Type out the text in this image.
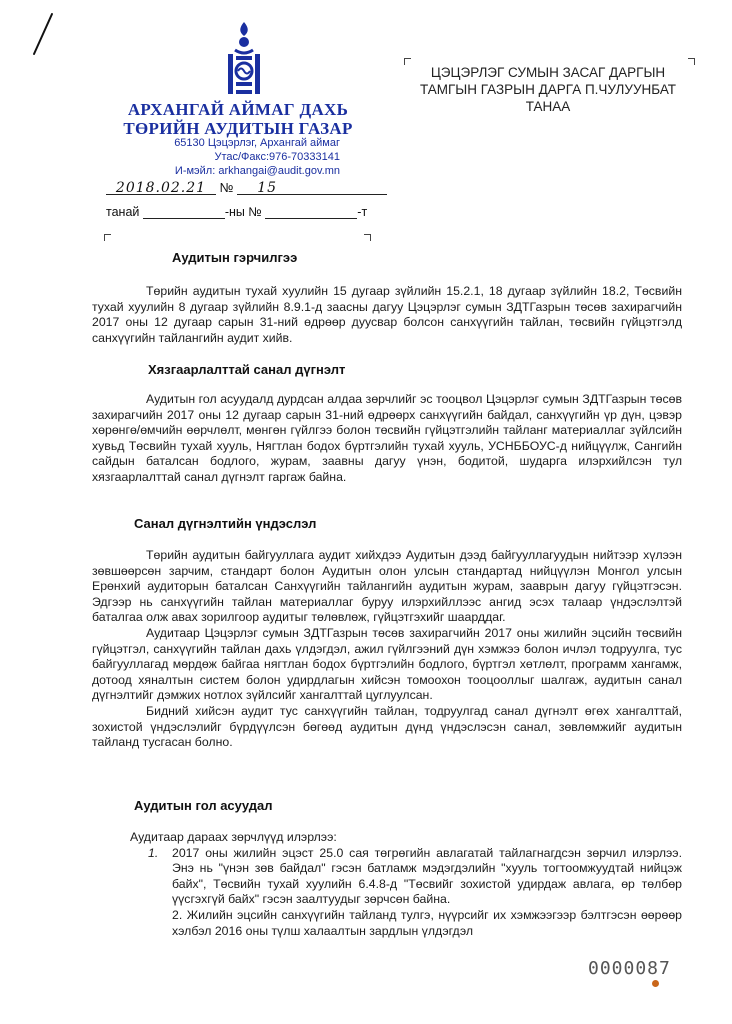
АРХАНГАЙ АЙМАГ ДАХЬ
ТӨРИЙН АУДИТЫН ГАЗАР
65130 Цэцэрлэг, Архангай аймаг
Утас/Факс:976-70333141
И-мэйл: arkhangai@audit.gov.mn
ЦЭЦЭРЛЭГ СУМЫН ЗАСАГ ДАРГЫН
ТАМГЫН ГАЗРЫН ДАРГА П.ЧУЛУУНБАТ
ТАНАА
2018.02.21 № 15
танай	-ны №	-т
Аудитын гэрчилгээ

Төрийн аудитын тухай хуулийн 15 дугаар зүйлийн 15.2.1, 18 дугаар зүйлийн 18.2, Төсвийн тухай хуулийн 8 дугаар зүйлийн 8.9.1-д заасны дагуу Цэцэрлэг сумын ЗДТГазрын төсөв захирагчийн 2017 оны 12 дугаар сарын 31-ний өдрөөр дуусвар болсон санхүүгийн тайлан, төсвийн гүйцэтгэлд санхүүгийн тайлангийн аудит хийв.

Хязгаарлалттай санал дүгнэлт

Аудитын гол асуудалд дурдсан алдаа зөрчлийг эс тооцвол Цэцэрлэг сумын ЗДТГазрын төсөв захирагчийн 2017 оны 12 дугаар сарын 31-ний өдрөөрх санхүүгийн байдал, санхүүгийн үр дүн, цэвэр хөрөнгө/өмчийн өөрчлөлт, мөнгөн гүйлгээ болон төсвийн гүйцэтгэлийн тайланг материаллаг зүйлсийн хувьд Төсвийн тухай хууль, Нягтлан бодох бүртгэлийн тухай хууль, УСНББОУС-д нийцүүлж, Сангийн сайдын баталсан бодлого, журам, заавны дагуу үнэн, бодитой, шударга илэрхийлсэн тул хязгаарлалттай санал дүгнэлт гаргаж байна.

Санал дүгнэлтийн үндэслэл

Төрийн аудитын байгууллага аудит хийхдээ Аудитын дээд байгууллагуудын нийтээр хүлээн зөвшөөрсөн зарчим, стандарт болон Аудитын олон улсын стандартад нийцүүлэн Монгол улсын Ерөнхий аудиторын баталсан Санхүүгийн тайлангийн аудитын журам, зааврын дагуу гүйцэтгэсэн. Эдгээр нь санхүүгийн тайлан материаллаг буруу илэрхийллээс ангид эсэх талаар үндэслэлтэй баталгаа олж авах зорилгоор аудитыг төлөвлөж, гүйцэтгэхийг шаарддаг.

Аудитаар Цэцэрлэг сумын ЗДТГазрын төсөв захирагчийн 2017 оны жилийн эцсийн төсвийн гүйцэтгэл, санхүүгийн тайлан дахь үлдэгдэл, ажил гүйлгээний дүн хэмжээ болон ичлэл тодруулга, тус байгууллагад мөрдөж байгаа нягтлан бодох бүртгэлийн бодлого, бүртгэл хөтлөлт, программ хангамж, дотоод хяналтын систем болон удирдлагын хийсэн томоохон тооцооллыг шалгаж, аудитын санал дүгнэлтийг дэмжих нотлох зүйлсийг хангалттай цуглуулсан.

Бидний хийсэн аудит тус санхүүгийн тайлан, тодруулгад санал дүгнэлт өгөх хангалттай, зохистой үндэслэлийг бүрдүүлсэн бөгөөд аудитын дүнд үндэслэсэн санал, зөвлөмжийг аудитын тайланд тусгасан болно.

Аудитын гол асуудал
Аудитаар дараах зөрчлүүд илэрлээ:
1.	2017 оны жилийн эцэст 25.0 сая төгрөгийн авлагатай тайлагнагдсэн зөрчил илэрлээ. Энэ нь "үнэн зөв байдал" гэсэн батламж мэдэгдэлийн "хууль тогтоомжуудтай нийцэж байх", Төсвийн тухай хуулийн 6.4.8-д "Төсвийг зохистой удирдаж авлага, өр төлбөр үүсгэхгүй байх" гэсэн заалтуудыг зөрчсөн байна.
2. Жилийн эцсийн санхүүгийн тайланд тулгэ, нүүрсийг их хэмжээгээр бэлтгэсэн өөрөөр хэлбэл 2016 оны түлш халаалтын зардлын үлдэгдэл
0000087
